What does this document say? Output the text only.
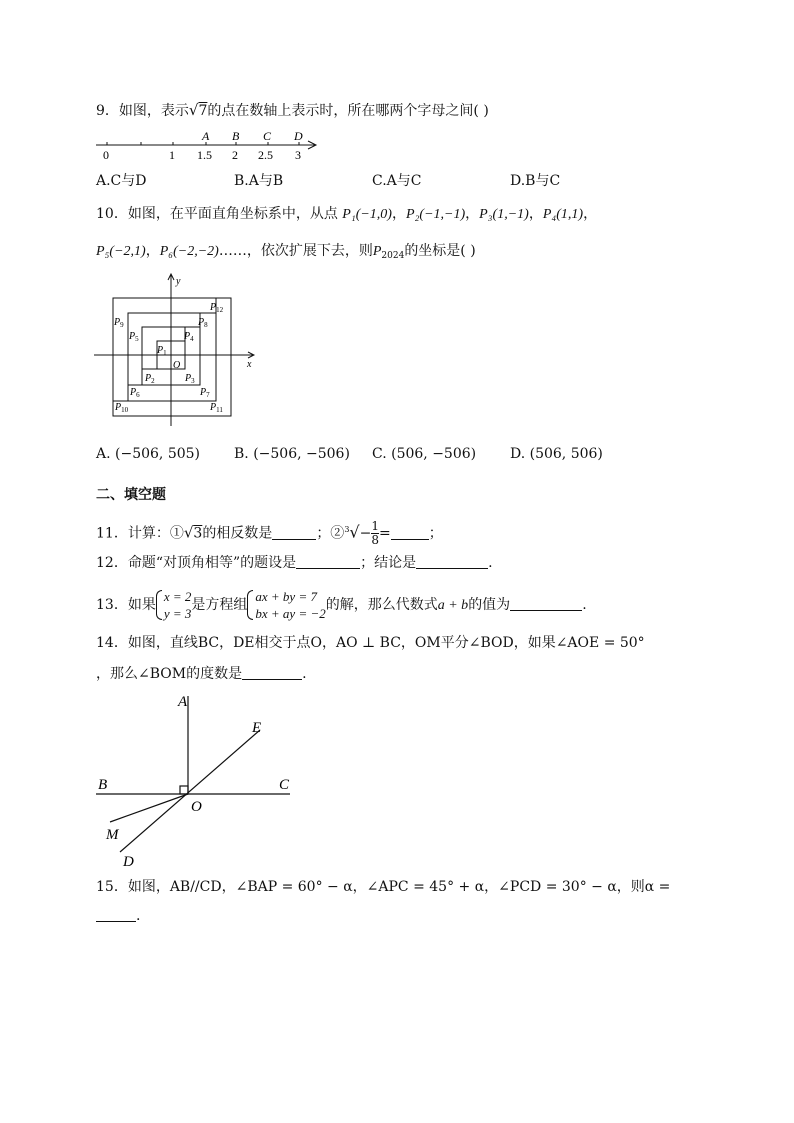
9．如图，表示√7的点在数轴上表示时，所在哪两个字母之间( )
A B C D
0	1 1.5 2 2.5 3
A.C与D	B.A与B	C.A与C	D.B与C
10．如图，在平面直角坐标系中，从点 P₁(−1,0)，P₂(−1,−1)，P₃(1,−1)，P₄(1,1)，
P₅(−2,1)，P₆(−2,−2)……，依次扩展下去，则$P_{2024}$的坐标是( )
$P_{12}$
$P_9$	$P_8$
$P_5$	$P_4$
$P_1$
O
$P_2$	$P_3$
$P_6$	$P_7$
$P_{10}$	$P_{11}$
x
y
A. (−506, 505) B. (−506, −506) C. (506, −506) D. (506, 506)
二、填空题
11．计算：①√3的相反数是	；②$^3$√− $\frac{1}{8}$ =	；
12．命题“对顶角相等”的题设是	；结论是	.
13．如果
x = 2
y = 3
是方程组
ax + by = 7
bx + ay = −2
的解，那么代数式a + b的值为	.
14．如图，直线BC，DE相交于点O，AO ⊥ BC，OM平分∠BOD，如果∠AOE = 50°
，那么∠BOM的度数是	.
A
E
B	C
O
M
D
15．如图，AB//CD，∠BAP = 60° − α，∠APC = 45° + α，∠PCD = 30° − α，则α =
.
